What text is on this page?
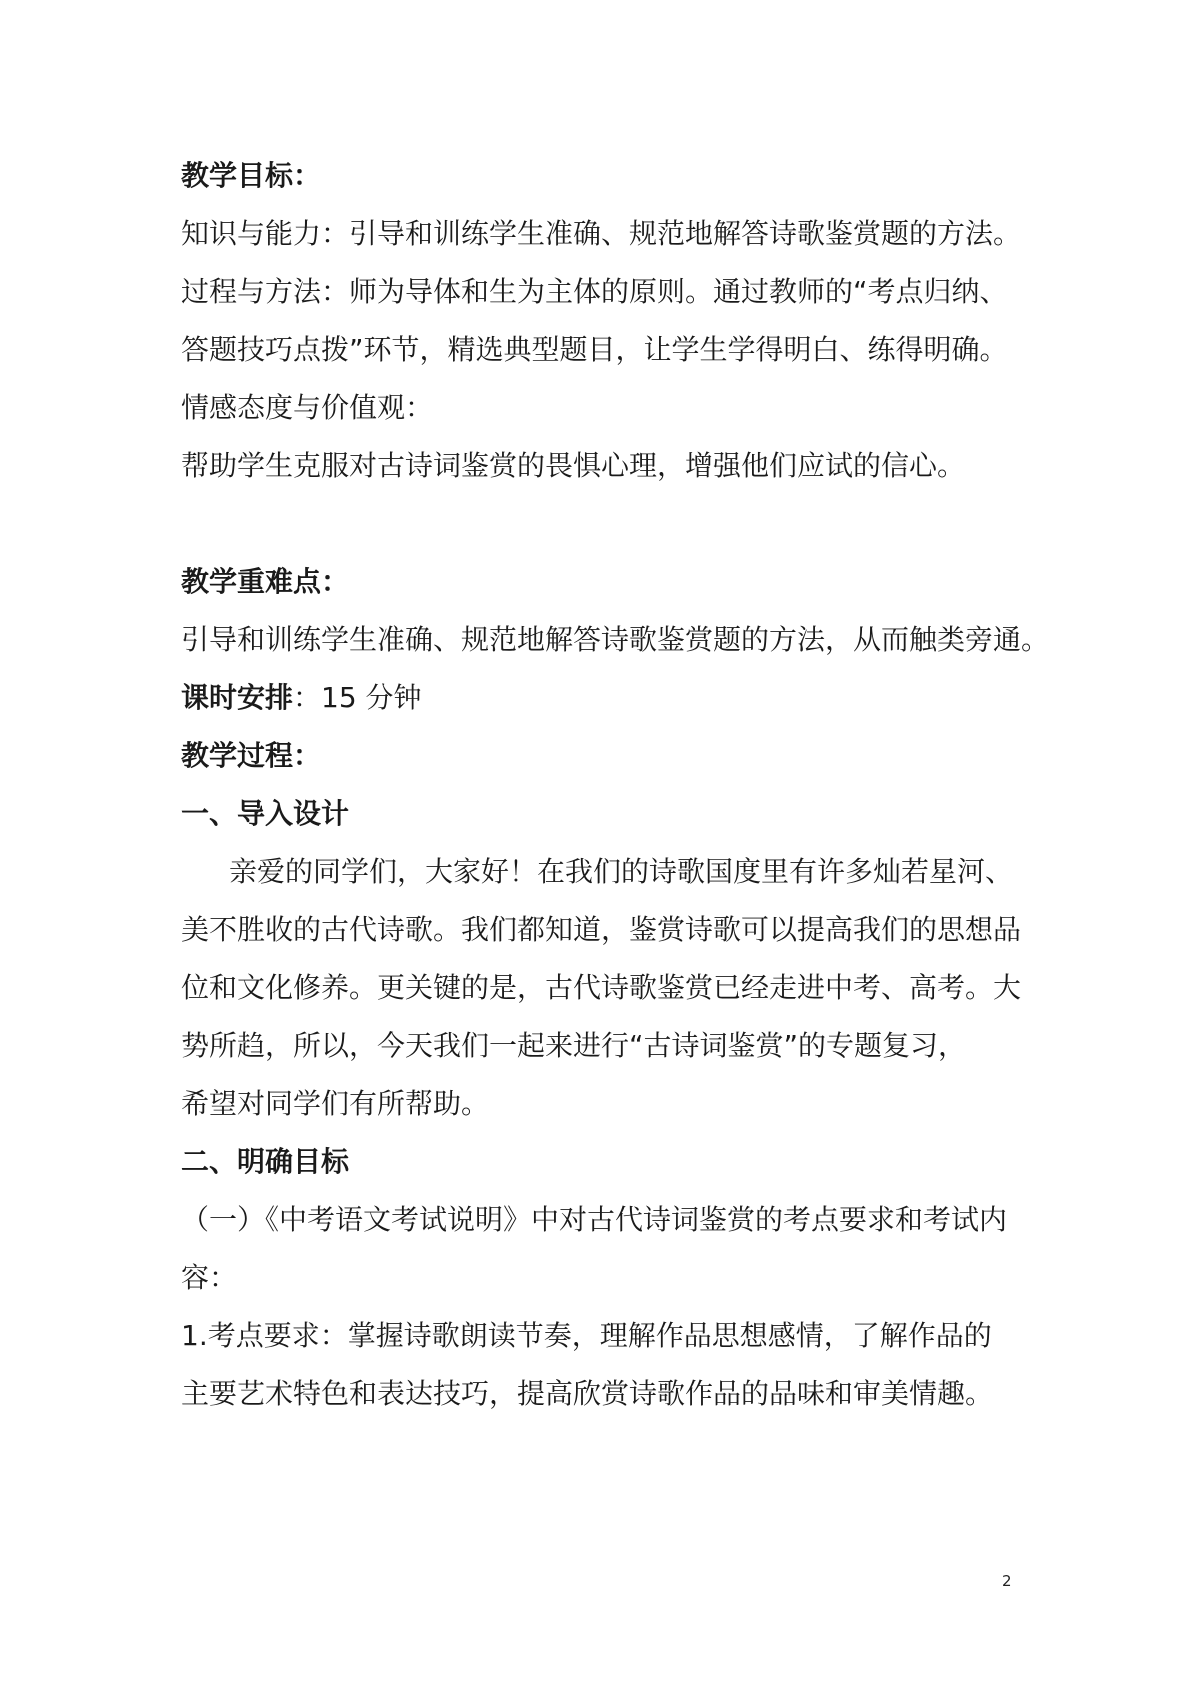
教学目标：
知识与能力：引导和训练学生准确、规范地解答诗歌鉴赏题的方法。
过程与方法：师为导体和生为主体的原则。通过教师的“考点归纳、
答题技巧点拨”环节，精选典型题目，让学生学得明白、练得明确。
情感态度与价值观：
帮助学生克服对古诗词鉴赏的畏惧心理，增强他们应试的信心。
教学重难点：
引导和训练学生准确、规范地解答诗歌鉴赏题的方法，从而触类旁通。
课时安排：15 分钟
教学过程：
一、导入设计
亲爱的同学们，大家好！在我们的诗歌国度里有许多灿若星河、
美不胜收的古代诗歌。我们都知道，鉴赏诗歌可以提高我们的思想品
位和文化修养。更关键的是，古代诗歌鉴赏已经走进中考、高考。大
势所趋，所以，今天我们一起来进行“古诗词鉴赏”的专题复习，
希望对同学们有所帮助。
二、明确目标
（一）《中考语文考试说明》中对古代诗词鉴赏的考点要求和考试内
容：
1.考点要求：掌握诗歌朗读节奏，理解作品思想感情，了解作品的
主要艺术特色和表达技巧，提高欣赏诗歌作品的品味和审美情趣。
2
